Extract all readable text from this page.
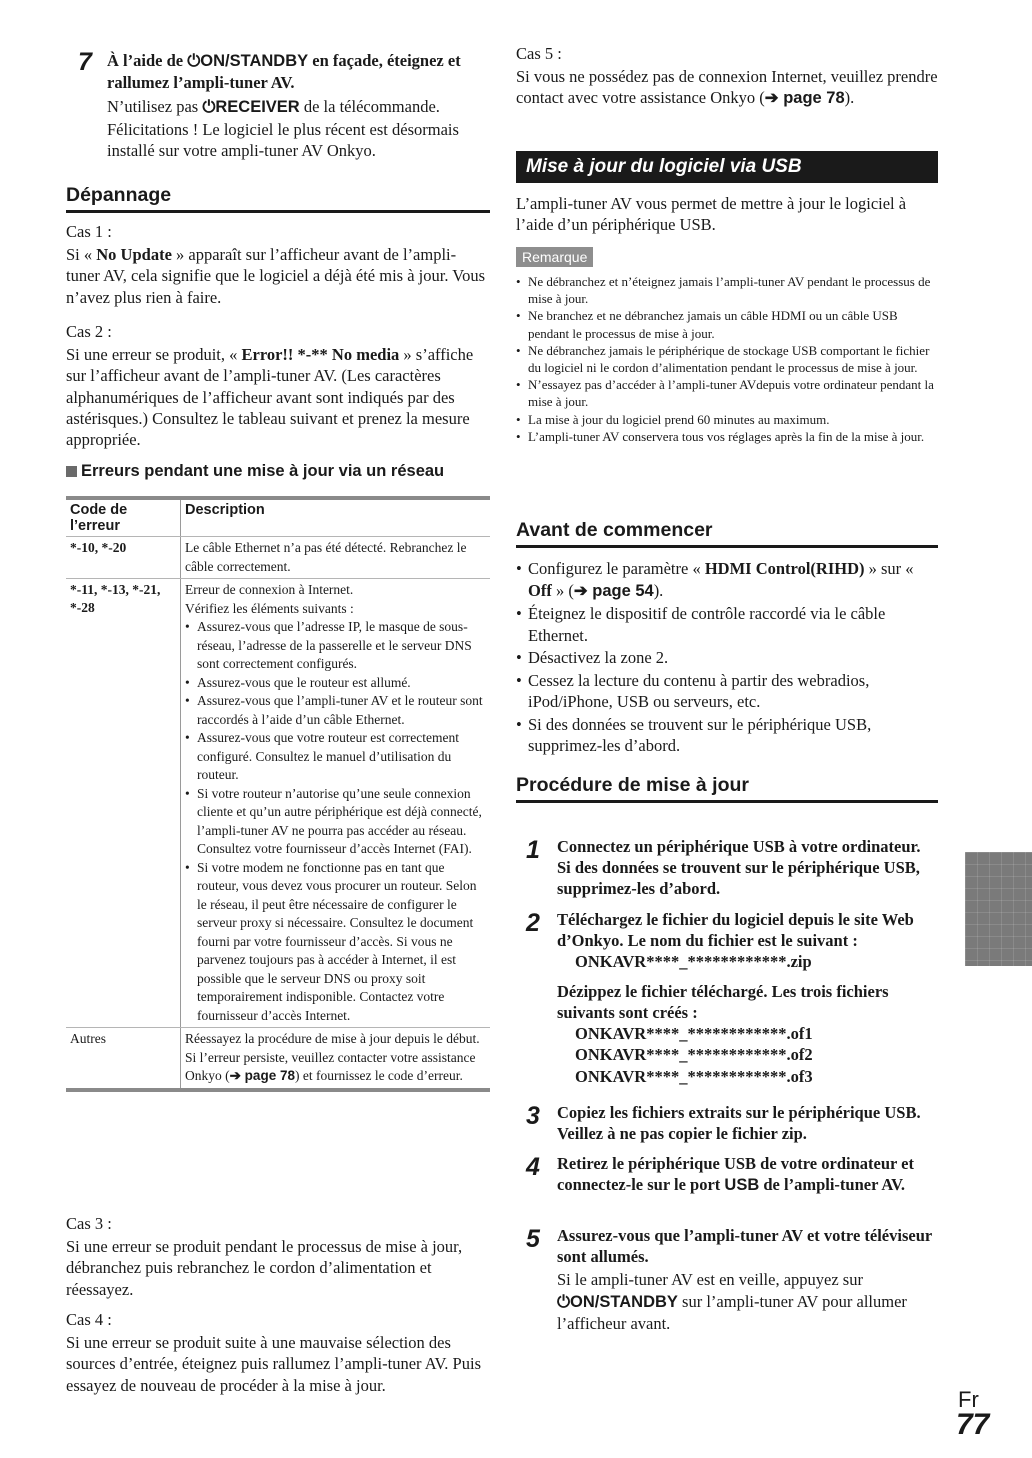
7 À l’aide de ⏻ON/STANDBY en façade, éteignez et rallumez l’ampli-tuner AV.
N’utilisez pas ⏻RECEIVER de la télécommande. Félicitations ! Le logiciel le plus récent est désormais installé sur votre ampli-tuner AV Onkyo.
Dépannage
Cas 1 :
Si « No Update » apparaît sur l’afficheur avant de l’ampli-tuner AV, cela signifie que le logiciel a déjà été mis à jour. Vous n’avez plus rien à faire.
Cas 2 :
Si une erreur se produit, « Error!! *-** No media » s’affiche sur l’afficheur avant de l’ampli-tuner AV. (Les caractères alphanumériques de l’afficheur avant sont indiqués par des astérisques.) Consultez le tableau suivant et prenez la mesure appropriée.
Erreurs pendant une mise à jour via un réseau
Code de l’erreur
Description
*-10, *-20	Le câble Ethernet n’a pas été détecté. Rebranchez le câble correctement.
*-11, *-13, *-21, *-28
Erreur de connexion à Internet.
Vérifiez les éléments suivants :
• Assurez-vous que l’adresse IP, le masque de sous-réseau, l’adresse de la passerelle et le serveur DNS sont correctement configurés.
• Assurez-vous que le routeur est allumé.
• Assurez-vous que l’ampli-tuner AV et le routeur sont raccordés à l’aide d’un câble Ethernet.
• Assurez-vous que votre routeur est correctement configuré. Consultez le manuel d’utilisation du routeur.
• Si votre routeur n’autorise qu’une seule connexion cliente et qu’un autre périphérique est déjà connecté, l’ampli-tuner AV ne pourra pas accéder au réseau. Consultez votre fournisseur d’accès Internet (FAI).
• Si votre modem ne fonctionne pas en tant que routeur, vous devez vous procurer un routeur. Selon le réseau, il peut être nécessaire de configurer le serveur proxy si nécessaire. Consultez le document fourni par votre fournisseur d’accès. Si vous ne parvenez toujours pas à accéder à Internet, il est possible que le serveur DNS ou proxy soit temporairement indisponible. Contactez votre fournisseur d’accès Internet.
Autres	Réessayez la procédure de mise à jour depuis le début. Si l’erreur persiste, veuillez contacter votre assistance Onkyo (➔ page 78) et fournissez le code d’erreur.
Cas 3 :
Si une erreur se produit pendant le processus de mise à jour, débranchez puis rebranchez le cordon d’alimentation et réessayez.
Cas 4 :
Si une erreur se produit suite à une mauvaise sélection des sources d’entrée, éteignez puis rallumez l’ampli-tuner AV. Puis essayez de nouveau de procéder à la mise à jour.
Cas 5 :
Si vous ne possédez pas de connexion Internet, veuillez prendre contact avec votre assistance Onkyo (➔ page 78).
Mise à jour du logiciel via USB
L’ampli-tuner AV vous permet de mettre à jour le logiciel à l’aide d’un périphérique USB.
Remarque
• Ne débranchez et n’éteignez jamais l’ampli-tuner AV pendant le processus de mise à jour.
• Ne branchez et ne débranchez jamais un câble HDMI ou un câble USB pendant le processus de mise à jour.
• Ne débranchez jamais le périphérique de stockage USB comportant le fichier du logiciel ni le cordon d’alimentation pendant le processus de mise à jour.
• N’essayez pas d’accéder à l’ampli-tuner AVdepuis votre ordinateur pendant la mise à jour.
• La mise à jour du logiciel prend 60 minutes au maximum.
• L’ampli-tuner AV conservera tous vos réglages après la fin de la mise à jour.
Avant de commencer
• Configurez le paramètre « HDMI Control(RIHD) » sur « Off » (➔ page 54).
• Éteignez le dispositif de contrôle raccordé via le câble Ethernet.
• Désactivez la zone 2.
• Cessez la lecture du contenu à partir des webradios, iPod/iPhone, USB ou serveurs, etc.
• Si des données se trouvent sur le périphérique USB, supprimez-les d’abord.
Procédure de mise à jour
1 Connectez un périphérique USB à votre ordinateur. Si des données se trouvent sur le périphérique USB, supprimez-les d’abord.
2 Téléchargez le fichier du logiciel depuis le site Web d’Onkyo. Le nom du fichier est le suivant :
ONKAVR****_************.zip
Dézippez le fichier téléchargé. Les trois fichiers suivants sont créés :
ONKAVR****_************.of1
ONKAVR****_************.of2
ONKAVR****_************.of3
3 Copiez les fichiers extraits sur le périphérique USB. Veillez à ne pas copier le fichier zip.
4 Retirez le périphérique USB de votre ordinateur et connectez-le sur le port USB de l’ampli-tuner AV.
5 Assurez-vous que l’ampli-tuner AV et votre téléviseur sont allumés.
Si le ampli-tuner AV est en veille, appuyez sur ⏻ON/STANDBY sur l’ampli-tuner AV pour allumer l’afficheur avant.
Fr
77
